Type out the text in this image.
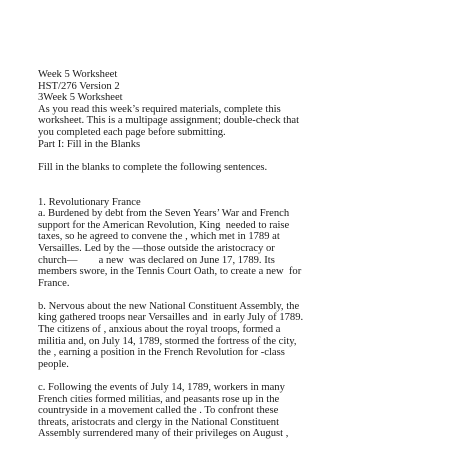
Week 5 Worksheet
HST/276 Version 2
3Week 5 Worksheet
As you read this week’s required materials, complete this
worksheet. This is a multipage assignment; double-check that
you completed each page before submitting.
Part I: Fill in the Blanks
Fill in the blanks to complete the following sentences.
1. Revolutionary France
a. Burdened by debt from the Seven Years’ War and French
support for the American Revolution, King  needed to raise
taxes, so he agreed to convene the , which met in 1789 at
Versailles. Led by the —those outside the aristocracy or
church—        a new  was declared on June 17, 1789. Its
members swore, in the Tennis Court Oath, to create a new  for
France.
b. Nervous about the new National Constituent Assembly, the
king gathered troops near Versailles and  in early July of 1789.
The citizens of , anxious about the royal troops, formed a
militia and, on July 14, 1789, stormed the fortress of the city,
the , earning a position in the French Revolution for -class
people.
c. Following the events of July 14, 1789, workers in many
French cities formed militias, and peasants rose up in the
countryside in a movement called the . To confront these
threats, aristocrats and clergy in the National Constituent
Assembly surrendered many of their privileges on August ,
